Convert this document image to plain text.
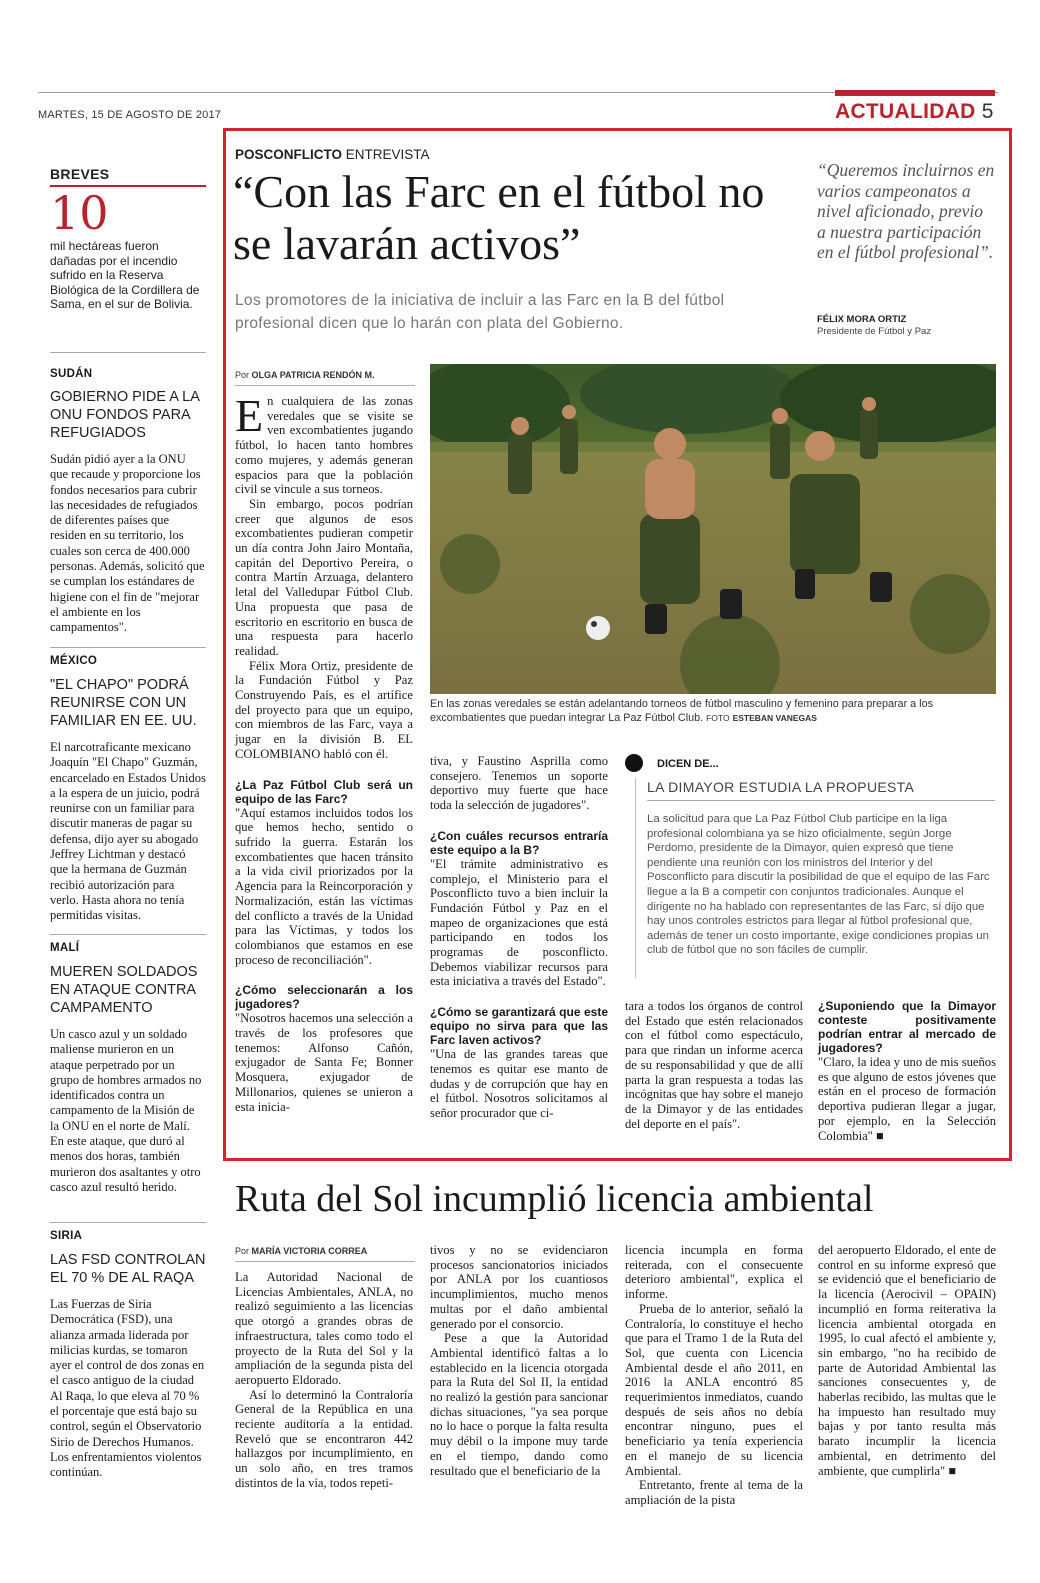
MARTES, 15 DE AGOSTO DE 2017	ACTUALIDAD 5
BREVES
10
mil hectáreas fueron dañadas por el incendio sufrido en la Reserva Biológica de la Cordillera de Sama, en el sur de Bolivia.
SUDÁN
GOBIERNO PIDE A LA ONU FONDOS PARA REFUGIADOS
Sudán pidió ayer a la ONU que recaude y proporcione los fondos necesarios para cubrir las necesidades de refugiados de diferentes países que residen en su territorio, los cuales son cerca de 400.000 personas. Además, solicitó que se cumplan los estándares de higiene con el fin de "mejorar el ambiente en los campamentos".
MÉXICO
"EL CHAPO" PODRÁ REUNIRSE CON UN FAMILIAR EN EE. UU.
El narcotraficante mexicano Joaquín "El Chapo" Guzmán, encarcelado en Estados Unidos a la espera de un juicio, podrá reunirse con un familiar para discutir maneras de pagar su defensa, dijo ayer su abogado Jeffrey Lichtman y destacó que la hermana de Guzmán recibió autorización para verlo. Hasta ahora no tenía permitidas visitas.
MALÍ
MUEREN SOLDADOS EN ATAQUE CONTRA CAMPAMENTO
Un casco azul y un soldado maliense murieron en un ataque perpetrado por un grupo de hombres armados no identificados contra un campamento de la Misión de la ONU en el norte de Malí. En este ataque, que duró al menos dos horas, también murieron dos asaltantes y otro casco azul resultó herido.
SIRIA
LAS FSD CONTROLAN EL 70 % DE AL RAQA
Las Fuerzas de Siria Democrática (FSD), una alianza armada liderada por milicias kurdas, se tomaron ayer el control de dos zonas en el casco antiguo de la ciudad Al Raqa, lo que eleva al 70 % el porcentaje que está bajo su control, según el Observatorio Sirio de Derechos Humanos. Los enfrentamientos violentos continúan.
POSCONFLICTO ENTREVISTA
“Con las Farc en el fútbol no se lavarán activos”
Los promotores de la iniciativa de incluir a las Farc en la B del fútbol profesional dicen que lo harán con plata del Gobierno.
“Queremos incluirnos en varios campeonatos a nivel aficionado, previo a nuestra participación en el fútbol profesional”.
FÉLIX MORA ORTIZ
Presidente de Fútbol y Paz
Por OLGA PATRICIA RENDÓN M.

En cualquiera de las zonas veredales que se visite se ven excombatientes jugando fútbol, lo hacen tanto hombres como mujeres, y además generan espacios para que la población civil se vincule a sus torneos.

Sin embargo, pocos podrían creer que algunos de esos excombatientes pudieran competir un día contra John Jairo Montaña, capitán del Deportivo Pereira, o contra Martín Arzuaga, delantero letal del Valledupar Fútbol Club. Una propuesta que pasa de escritorio en escritorio en busca de una respuesta para hacerlo realidad.

Félix Mora Ortiz, presidente de la Fundación Fútbol y Paz Construyendo País, es el artífice del proyecto para que un equipo, con miembros de las Farc, vaya a jugar en la división B. EL COLOMBIANO habló con él.

¿La Paz Fútbol Club será un equipo de las Farc?

"Aquí estamos incluidos todos los que hemos hecho, sentido o sufrido la guerra. Estarán los excombatientes que hacen tránsito a la vida civil priorizados por la Agencia para la Reincorporación y Normalización, están las víctimas del conflicto a través de la Unidad para las Víctimas, y todos los colombianos que estamos en ese proceso de reconciliación".

¿Cómo seleccionarán a los jugadores?

"Nosotros hacemos una selección a través de los profesores que tenemos: Alfonso Cañón, exjugador de Santa Fe; Bonner Mosquera, exjugador de Millonarios, quienes se unieron a esta inicia-

En las zonas veredales se están adelantando torneos de fútbol masculino y femenino para preparar a los excombatientes que puedan integrar La Paz Fútbol Club. FOTO ESTEBAN VANEGAS

tiva, y Faustino Asprilla como consejero. Tenemos un soporte deportivo muy fuerte que hace toda la selección de jugadores".

¿Con cuáles recursos entraría este equipo a la B?

"El trámite administrativo es complejo, el Ministerio para el Posconflicto tuvo a bien incluir la Fundación Fútbol y Paz en el mapeo de organizaciones que está participando en todos los programas de posconflicto. Debemos viabilizar recursos para esta iniciativa a través del Estado".

¿Cómo se garantizará que este equipo no sirva para que las Farc laven activos?

"Una de las grandes tareas que tenemos es quitar ese manto de dudas y de corrupción que hay en el fútbol. Nosotros solicitamos al señor procurador que ci-

DICEN DE...
LA DIMAYOR ESTUDIA LA PROPUESTA
La solicitud para que La Paz Fútbol Club participe en la liga profesional colombiana ya se hizo oficialmente, según Jorge Perdomo, presidente de la Dimayor, quien expresó que tiene pendiente una reunión con los ministros del Interior y del Posconflicto para discutir la posibilidad de que el equipo de las Farc llegue a la B a competir con conjuntos tradicionales. Aunque el dirigente no ha hablado con representantes de las Farc, sí dijo que hay unos controles estrictos para llegar al fútbol profesional que, además de tener un costo importante, exige condiciones propias un club de fútbol que no son fáciles de cumplir.

tara a todos los órganos de control del Estado que estén relacionados con el fútbol como espectáculo, para que rindan un informe acerca de su responsabilidad y que de allí parta la gran respuesta a todas las incógnitas que hay sobre el manejo de la Dimayor y de las entidades del deporte en el país".

¿Suponiendo que la Dimayor conteste positivamente podrían entrar al mercado de jugadores?

"Claro, la idea y uno de mis sueños es que alguno de estos jóvenes que están en el proceso de formación deportiva pudieran llegar a jugar, por ejemplo, en la Selección Colombia" ■

Ruta del Sol incumplió licencia ambiental
Por MARÍA VICTORIA CORREA

La Autoridad Nacional de Licencias Ambientales, ANLA, no realizó seguimiento a las licencias que otorgó a grandes obras de infraestructura, tales como todo el proyecto de la Ruta del Sol y la ampliación de la segunda pista del aeropuerto Eldorado.

Así lo determinó la Contraloría General de la República en una reciente auditoría a la entidad. Reveló que se encontraron 442 hallazgos por incumplimiento, en un solo año, en tres tramos distintos de la vía, todos repeti-

tivos y no se evidenciaron procesos sancionatorios iniciados por ANLA por los cuantiosos incumplimientos, mucho menos multas por el daño ambiental generado por el consorcio.

Pese a que la Autoridad Ambiental identificó faltas a lo establecido en la licencia otorgada para la Ruta del Sol II, la entidad no realizó la gestión para sancionar dichas situaciones, "ya sea porque no lo hace o porque la falta resulta muy débil o la impone muy tarde en el tiempo, dando como resultado que el beneficiario de la

licencia incumpla en forma reiterada, con el consecuente deterioro ambiental", explica el informe.

Prueba de lo anterior, señaló la Contraloría, lo constituye el hecho que para el Tramo 1 de la Ruta del Sol, que cuenta con Licencia Ambiental desde el año 2011, en 2016 la ANLA encontró 85 requerimientos inmediatos, cuando después de seis años no debía encontrar ninguno, pues el beneficiario ya tenía experiencia en el manejo de su licencia Ambiental.

Entretanto, frente al tema de la ampliación de la pista

del aeropuerto Eldorado, el ente de control en su informe expresó que se evidenció que el beneficiario de la licencia (Aerocivil – OPAIN) incumplió en forma reiterativa la licencia ambiental otorgada en 1995, lo cual afectó el ambiente y, sin embargo, "no ha recibido de parte de Autoridad Ambiental las sanciones consecuentes y, de haberlas recibido, las multas que le ha impuesto han resultado muy bajas y por tanto resulta más barato incumplir la licencia ambiental, en detrimento del ambiente, que cumplirla" ■
